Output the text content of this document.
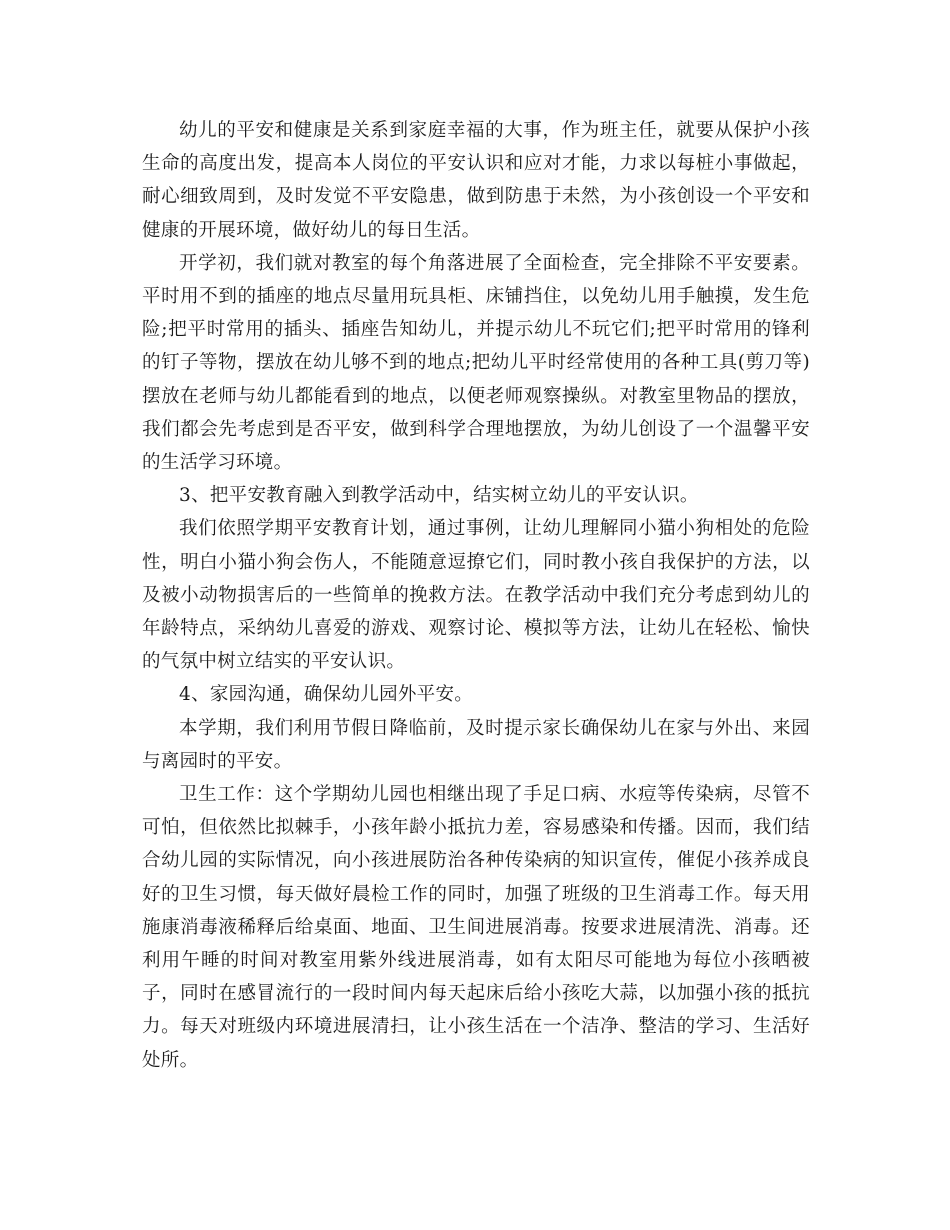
幼儿的平安和健康是关系到家庭幸福的大事，作为班主任，就要从保护小孩生命的高度出发，提高本人岗位的平安认识和应对才能，力求以每桩小事做起，耐心细致周到，及时发觉不平安隐患，做到防患于未然，为小孩创设一个平安和健康的开展环境，做好幼儿的每日生活。

开学初，我们就对教室的每个角落进展了全面检查，完全排除不平安要素。平时用不到的插座的地点尽量用玩具柜、床铺挡住，以免幼儿用手触摸，发生危险;把平时常用的插头、插座告知幼儿，并提示幼儿不玩它们;把平时常用的锋利的钉子等物，摆放在幼儿够不到的地点;把幼儿平时经常使用的各种工具(剪刀等)摆放在老师与幼儿都能看到的地点，以便老师观察操纵。对教室里物品的摆放，我们都会先考虑到是否平安，做到科学合理地摆放，为幼儿创设了一个温馨平安的生活学习环境。

3、把平安教育融入到教学活动中，结实树立幼儿的平安认识。

我们依照学期平安教育计划，通过事例，让幼儿理解同小猫小狗相处的危险性，明白小猫小狗会伤人，不能随意逗撩它们，同时教小孩自我保护的方法，以及被小动物损害后的一些简单的挽救方法。在教学活动中我们充分考虑到幼儿的年龄特点，采纳幼儿喜爱的游戏、观察讨论、模拟等方法，让幼儿在轻松、愉快的气氛中树立结实的平安认识。

4、家园沟通，确保幼儿园外平安。

本学期，我们利用节假日降临前，及时提示家长确保幼儿在家与外出、来园与离园时的平安。

卫生工作：这个学期幼儿园也相继出现了手足口病、水痘等传染病，尽管不可怕，但依然比拟棘手，小孩年龄小抵抗力差，容易感染和传播。因而，我们结合幼儿园的实际情况，向小孩进展防治各种传染病的知识宣传，催促小孩养成良好的卫生习惯，每天做好晨检工作的同时，加强了班级的卫生消毒工作。每天用施康消毒液稀释后给桌面、地面、卫生间进展消毒。按要求进展清洗、消毒。还利用午睡的时间对教室用紫外线进展消毒，如有太阳尽可能地为每位小孩晒被子，同时在感冒流行的一段时间内每天起床后给小孩吃大蒜，以加强小孩的抵抗力。每天对班级内环境进展清扫，让小孩生活在一个洁净、整洁的学习、生活好处所。
